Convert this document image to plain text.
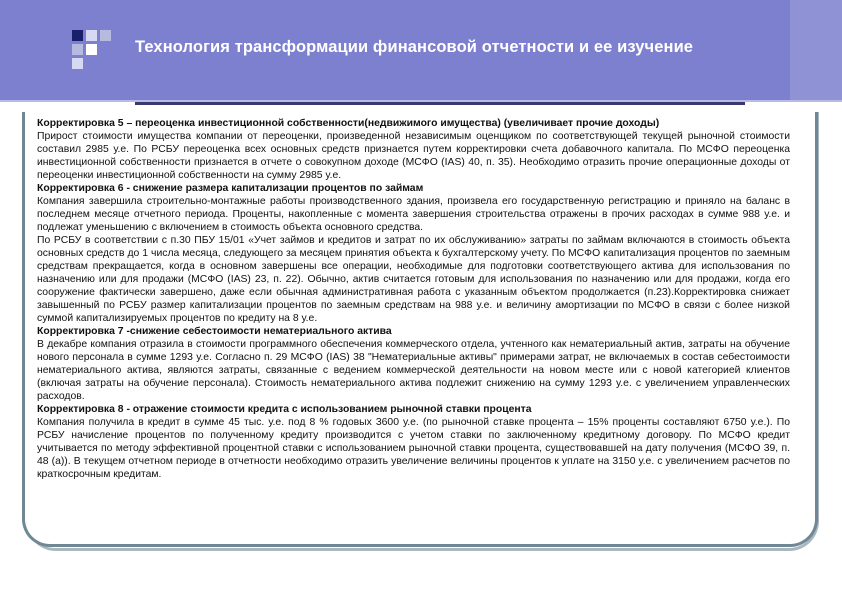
Технология трансформации финансовой отчетности и ее изучение

Корректировка 5 – переоценка инвестиционной собственности(недвижимого имущества) (увеличивает прочие доходы)

Прирост стоимости имущества компании от переоценки, произведенной независимым оценщиком по соответствующей текущей рыночной стоимости составил 2985 у.е. По РСБУ переоценка всех основных средств признается путем корректировки счета добавочного капитала. По МСФО переоценка инвестиционной собственности признается в отчете о совокупном доходе (МСФО (IAS) 40, п. 35). Необходимо отразить прочие операционные доходы от переоценки инвестиционной собственности на сумму 2985 у.е.

Корректировка 6 - снижение размера капитализации процентов по займам

Компания завершила строительно-монтажные работы производственного здания, произвела его государственную регистрацию и приняло на баланс в последнем месяце отчетного периода. Проценты, накопленные с момента завершения строительства отражены в прочих расходах в сумме 988 у.е. и подлежат уменьшению с включением в стоимость объекта основного средства.

По РСБУ в соответствии с п.30 ПБУ 15/01 «Учет займов и кредитов и затрат по их обслуживанию» затраты по займам включаются в стоимость объекта основных средств до 1 числа месяца, следующего за месяцем принятия объекта к бухгалтерскому учету. По МСФО капитализация процентов по заемным средствам прекращается, когда в основном завершены все операции, необходимые для подготовки соответствующего актива для использования по назначению или для продажи (МСФО (IAS) 23, п. 22). Обычно, актив считается готовым для использования по назначению или для продажи, когда его сооружение фактически завершено, даже если обычная административная работа с указанным объектом продолжается (п.23).Корректировка снижает завышенный по РСБУ размер капитализации процентов по заемным средствам на 988 у.е. и величину амортизации по МСФО в связи с более низкой суммой капитализируемых процентов по кредиту на 8 у.е.

Корректировка 7 -снижение себестоимости нематериального актива

В декабре компания отразила в стоимости программного обеспечения коммерческого отдела, учтенного как нематериальный актив, затраты на обучение нового персонала в сумме 1293 у.е. Согласно п. 29 МСФО (IAS) 38 "Нематериальные активы" примерами затрат, не включаемых в состав себестоимости нематериального актива, являются затраты, связанные с ведением коммерческой деятельности на новом месте или с новой категорией клиентов (включая затраты на обучение персонала). Стоимость нематериального актива подлежит снижению на сумму 1293 у.е. с увеличением управленческих расходов.

Корректировка 8 - отражение стоимости кредита с использованием рыночной ставки процента

Компания получила в кредит в сумме 45 тыс. у.е. под 8 % годовых 3600 у.е. (по рыночной ставке процента – 15% проценты составляют 6750 у.е.). По РСБУ начисление процентов по полученному кредиту производится с учетом ставки по заключенному кредитному договору. По МСФО кредит учитывается по методу эффективной процентной ставки с использованием рыночной ставки процента, существовавшей на дату получения (МСФО 39, п. 48 (а)). В текущем отчетном периоде в отчетности необходимо отразить увеличение величины процентов к уплате на 3150 у.е. с увеличением расчетов по краткосрочным кредитам.
